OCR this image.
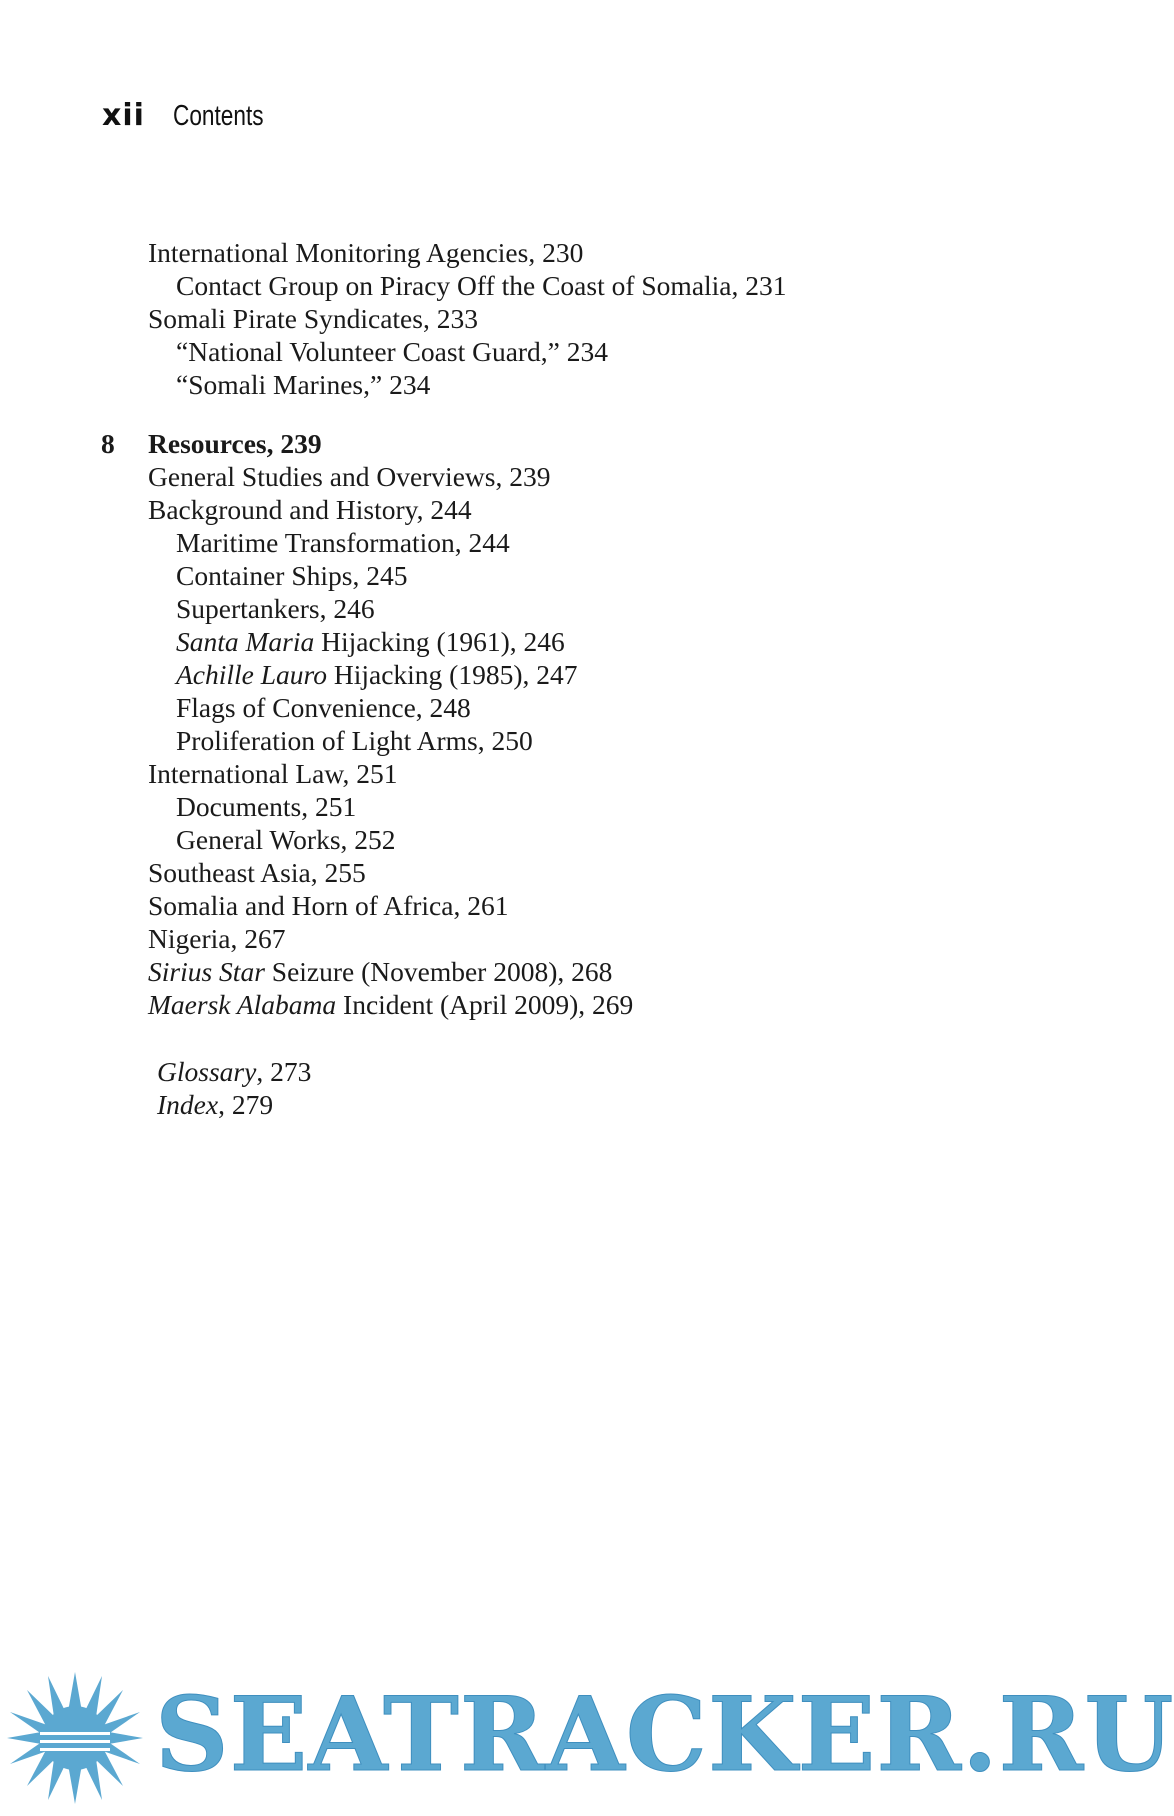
xii Contents
International Monitoring Agencies, 230
Contact Group on Piracy Off the Coast of Somalia, 231
Somali Pirate Syndicates, 233
“National Volunteer Coast Guard,” 234
“Somali Marines,” 234
8 Resources, 239
General Studies and Overviews, 239
Background and History, 244
Maritime Transformation, 244
Container Ships, 245
Supertankers, 246
Santa Maria Hijacking (1961), 246
Achille Lauro Hijacking (1985), 247
Flags of Convenience, 248
Proliferation of Light Arms, 250
International Law, 251
Documents, 251
General Works, 252
Southeast Asia, 255
Somalia and Horn of Africa, 261
Nigeria, 267
Sirius Star Seizure (November 2008), 268
Maersk Alabama Incident (April 2009), 269
Glossary, 273
Index, 279
SEATRACKER.RU
